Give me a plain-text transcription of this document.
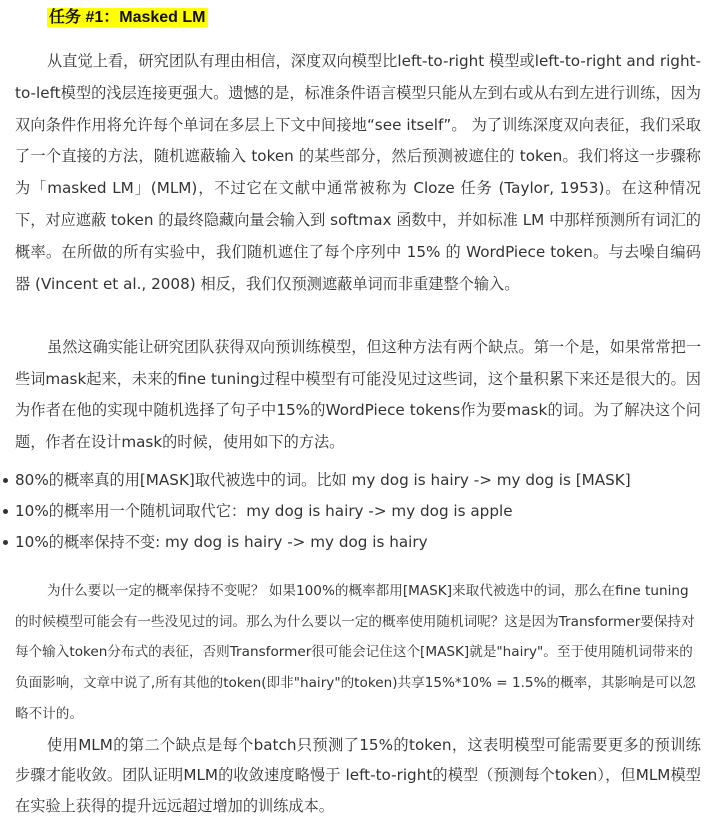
任务 #1：Masked LM

从直觉上看，研究团队有理由相信，深度双向模型比left-to-right 模型或left-to-right and right-to-left模型的浅层连接更强大。遗憾的是，标准条件语言模型只能从左到右或从右到左进行训练，因为双向条件作用将允许每个单词在多层上下文中间接地“see itself”。 为了训练深度双向表征，我们采取了一个直接的方法，随机遮蔽输入 token 的某些部分，然后预测被遮住的 token。我们将这一步骤称为「masked LM」(MLM)，不过它在文献中通常被称为 Cloze 任务 (Taylor, 1953)。在这种情况下，对应遮蔽 token 的最终隐藏向量会输入到 softmax 函数中，并如标准 LM 中那样预测所有词汇的概率。在所做的所有实验中，我们随机遮住了每个序列中 15% 的 WordPiece token。与去噪自编码器 (Vincent et al., 2008) 相反，我们仅预测遮蔽单词而非重建整个输入。

虽然这确实能让研究团队获得双向预训练模型，但这种方法有两个缺点。第一个是，如果常常把一些词mask起来，未来的fine tuning过程中模型有可能没见过这些词，这个量积累下来还是很大的。因为作者在他的实现中随机选择了句子中15%的WordPiece tokens作为要mask的词。为了解决这个问题，作者在设计mask的时候，使用如下的方法。

80%的概率真的用[MASK]取代被选中的词。比如 my dog is hairy -> my dog is [MASK]
10%的概率用一个随机词取代它：my dog is hairy -> my dog is apple
10%的概率保持不变: my dog is hairy -> my dog is hairy

为什么要以一定的概率保持不变呢？ 如果100%的概率都用[MASK]来取代被选中的词，那么在fine tuning的时候模型可能会有一些没见过的词。那么为什么要以一定的概率使用随机词呢？这是因为Transformer要保持对每个输入token分布式的表征，否则Transformer很可能会记住这个[MASK]就是"hairy"。至于使用随机词带来的负面影响，文章中说了,所有其他的token(即非"hairy"的token)共享15%*10% = 1.5%的概率，其影响是可以忽略不计的。

使用MLM的第二个缺点是每个batch只预测了15%的token，这表明模型可能需要更多的预训练步骤才能收敛。团队证明MLM的收敛速度略慢于 left-to-right的模型（预测每个token），但MLM模型在实验上获得的提升远远超过增加的训练成本。
